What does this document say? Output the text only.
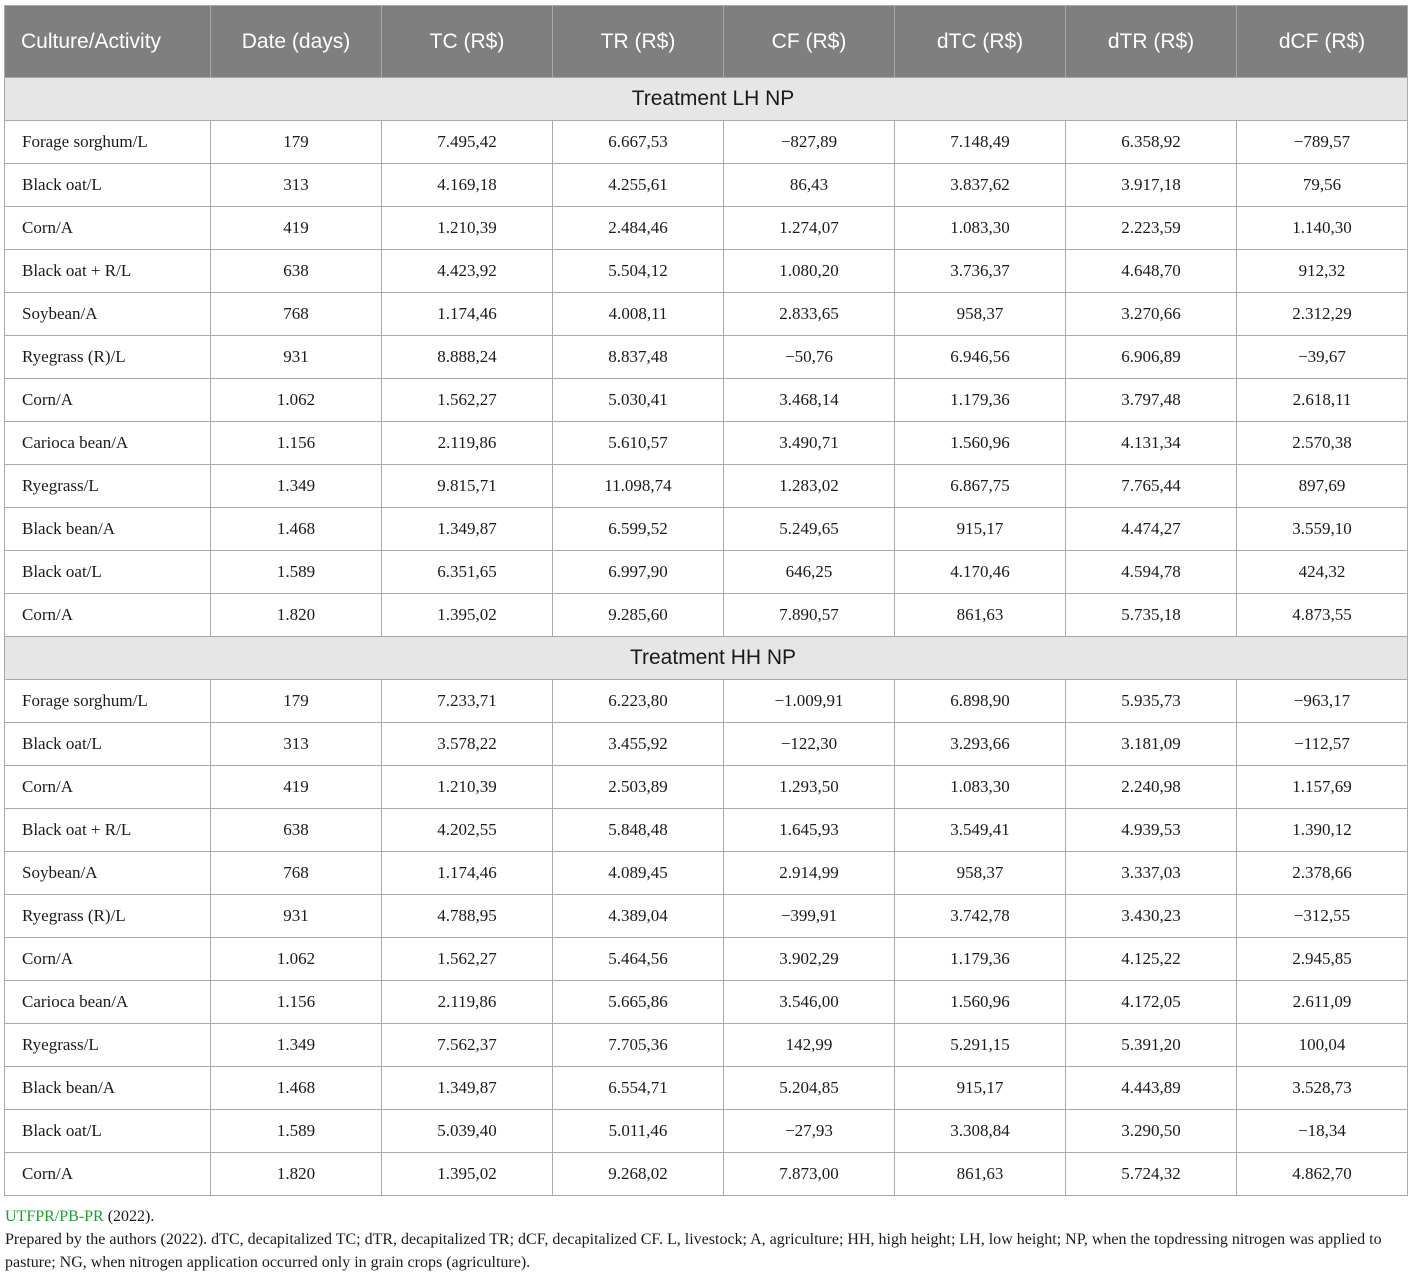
Culture/Activity	Date (days)	TC (R$)	TR (R$)	CF (R$)	dTC (R$)	dTR (R$)	dCF (R$)
Treatment LH NP							
Forage sorghum/L	179	7.495,42	6.667,53	−827,89	7.148,49	6.358,92	−789,57
Black oat/L	313	4.169,18	4.255,61	86,43	3.837,62	3.917,18	79,56
Corn/A	419	1.210,39	2.484,46	1.274,07	1.083,30	2.223,59	1.140,30
Black oat + R/L	638	4.423,92	5.504,12	1.080,20	3.736,37	4.648,70	912,32
Soybean/A	768	1.174,46	4.008,11	2.833,65	958,37	3.270,66	2.312,29
Ryegrass (R)/L	931	8.888,24	8.837,48	−50,76	6.946,56	6.906,89	−39,67
Corn/A	1.062	1.562,27	5.030,41	3.468,14	1.179,36	3.797,48	2.618,11
Carioca bean/A	1.156	2.119,86	5.610,57	3.490,71	1.560,96	4.131,34	2.570,38
Ryegrass/L	1.349	9.815,71	11.098,74	1.283,02	6.867,75	7.765,44	897,69
Black bean/A	1.468	1.349,87	6.599,52	5.249,65	915,17	4.474,27	3.559,10
Black oat/L	1.589	6.351,65	6.997,90	646,25	4.170,46	4.594,78	424,32
Corn/A	1.820	1.395,02	9.285,60	7.890,57	861,63	5.735,18	4.873,55
Treatment HH NP							
Forage sorghum/L	179	7.233,71	6.223,80	−1.009,91	6.898,90	5.935,73	−963,17
Black oat/L	313	3.578,22	3.455,92	−122,30	3.293,66	3.181,09	−112,57
Corn/A	419	1.210,39	2.503,89	1.293,50	1.083,30	2.240,98	1.157,69
Black oat + R/L	638	4.202,55	5.848,48	1.645,93	3.549,41	4.939,53	1.390,12
Soybean/A	768	1.174,46	4.089,45	2.914,99	958,37	3.337,03	2.378,66
Ryegrass (R)/L	931	4.788,95	4.389,04	−399,91	3.742,78	3.430,23	−312,55
Corn/A	1.062	1.562,27	5.464,56	3.902,29	1.179,36	4.125,22	2.945,85
Carioca bean/A	1.156	2.119,86	5.665,86	3.546,00	1.560,96	4.172,05	2.611,09
Ryegrass/L	1.349	7.562,37	7.705,36	142,99	5.291,15	5.391,20	100,04
Black bean/A	1.468	1.349,87	6.554,71	5.204,85	915,17	4.443,89	3.528,73
Black oat/L	1.589	5.039,40	5.011,46	−27,93	3.308,84	3.290,50	−18,34
Corn/A	1.820	1.395,02	9.268,02	7.873,00	861,63	5.724,32	4.862,70

UTFPR/PB-PR (2022).

Prepared by the authors (2022). dTC, decapitalized TC; dTR, decapitalized TR; dCF, decapitalized CF. L, livestock; A, agriculture; HH, high height; LH, low height; NP, when the topdressing nitrogen was applied to pasture; NG, when nitrogen application occurred only in grain crops (agriculture).
